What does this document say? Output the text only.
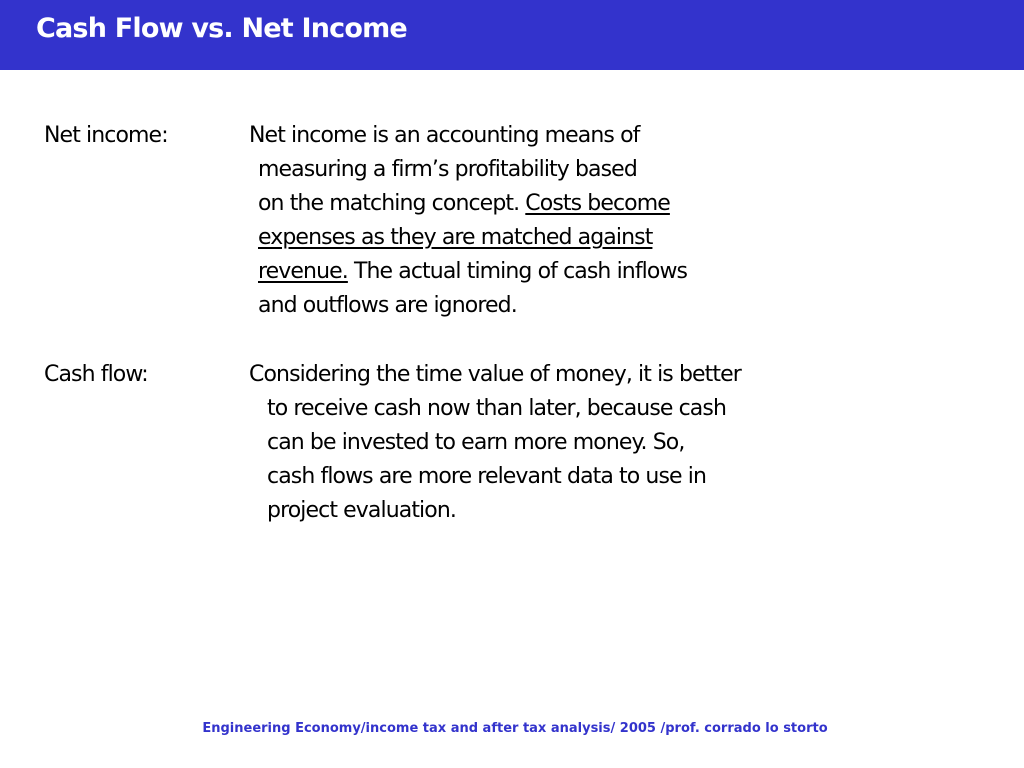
Cash Flow vs. Net Income
Net income:	Net income is an accounting means of
measuring a firm’s profitability based
on the matching concept. Costs become
expenses as they are matched against
revenue. The actual timing of cash inflows
and outflows are ignored.
Cash flow:	Considering the time value of money, it is better
to receive cash now than later, because cash
can be invested to earn more money. So,
cash flows are more relevant data to use in
project evaluation.
Engineering Economy/income tax and after tax analysis/ 2005 /prof. corrado lo storto
